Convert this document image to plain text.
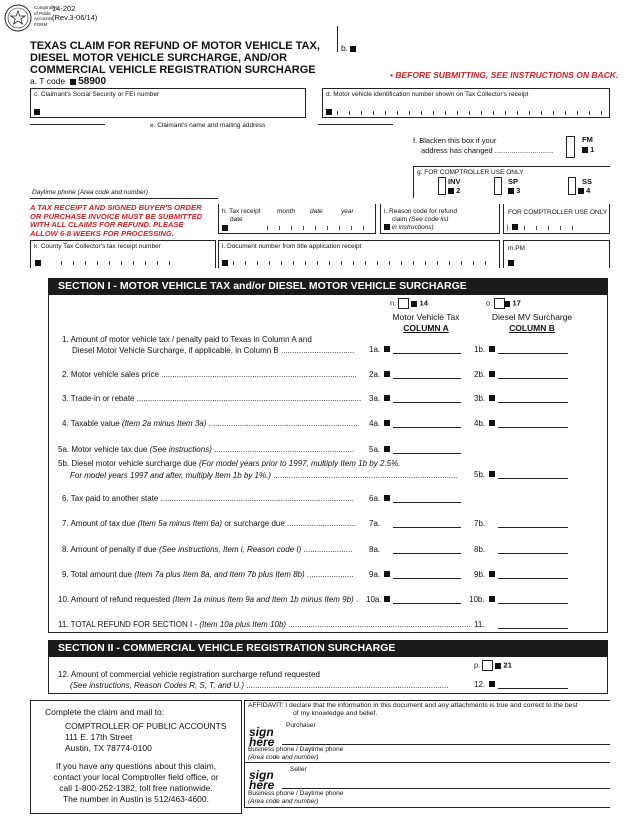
Comptroller
of Public
Accounts
FORM
14-202
(Rev.3-06/14)
TEXAS CLAIM FOR REFUND OF MOTOR VEHICLE TAX,
DIESEL MOTOR VEHICLE SURCHARGE, AND/OR
COMMERCIAL VEHICLE REGISTRATION SURCHARGE
b.
• BEFORE SUBMITTING, SEE INSTRUCTIONS ON BACK.
a. T code 58900
c. Claimant's Social Security or FEI number	d. Motor vehicle identification number shown on Tax Collector's receipt
e. Claimant's name and mailing address
Daytime phone (Area code and number)
f. Blacken this box if your
address has changed ............................
FM
1
g. FOR COMPTROLLER USE ONLY
INV
2
SP
3
SS
4
A TAX RECEIPT AND SIGNED BUYER'S ORDER
OR PURCHASE INVOICE MUST BE SUBMITTED
WITH ALL CLAIMS FOR REFUND. PLEASE
ALLOW 6-8 WEEKS FOR PROCESSING.
h. Tax receipt
date
month date	year	i. Reason code for refund
claim (See code list
in instructions)
FOR COMPTROLLER USE ONLY
j.
k. County Tax Collector's tax receipt number	l. Document number from title application receipt	m.PM
SECTION I - MOTOR VEHICLE TAX and/or DIESEL MOTOR VEHICLE SURCHARGE
n.	14	o.	17
Motor Vehicle Tax
COLUMN A
Diesel MV Surcharge
COLUMN B
1. Amount of motor vehicle tax / penalty paid to Texas in Column A and
Diesel Motor Vehicle Surcharge, if applicable, in Column B ................................. 1a.	1b.
2. Motor vehicle sales price ........................................................................................ 2a.	2b.
3. Trade-in or rebate ..................................................................................................... 3a.	3b.
4. Taxable value (Item 2a minus Item 3a) ................................................................... 4a.	4b.
5a. Motor vehicle tax due (See instructions) ............................................................... 5a.
5b. Diesel motor vehicle surcharge due (For model years prior to 1997, multiply Item 1b by 2.5%.
For model years 1997 and after, multiply Item 1b by 1%.) ................................................................................... 5b.
6. Tax paid to another state ....................................................................................... 6a.
7. Amount of tax due (Item 5a minus Item 6a) or surcharge due ............................... 7a.	7b.
8. Amount of penalty if due (See instructions, Item i, Reason code I) ...................... 8a.	8b.
9. Total amount due (Item 7a plus Item 8a, and Item 7b plus Item 8b) ..................... 9a.	9b.
10. Amount of refund requested (Item 1a minus Item 9a and Item 1b minus Item 9b) . 10a.	10b.
11. TOTAL REFUND FOR SECTION I - (Item 10a plus Item 10b) .................................................................................. 11.
SECTION II - COMMERCIAL VEHICLE REGISTRATION SURCHARGE
p.	21
12. Amount of commercial vehicle registration surcharge refund requested
(See instructions, Reason Codes R, S, T, and U.) ...........................................................................................	12.
Complete the claim and mail to:
COMPTROLLER OF PUBLIC ACCOUNTS
111 E. 17th Street
Austin, TX 78774-0100
If you have any questions about this claim,
contact your local Comptroller field office, or
call 1-800-252-1382, toll free nationwide.
The number in Austin is 512/463-4600.
AFFIDAVIT: I declare that the information in this document and any attachments is true and correct to the best
of my knowledge and belief.
sign
here
Purchaser
Business phone / Daytime phone
(Area code and number)
sign
here
Seller
Business phone / Daytime phone
(Area code and number)
